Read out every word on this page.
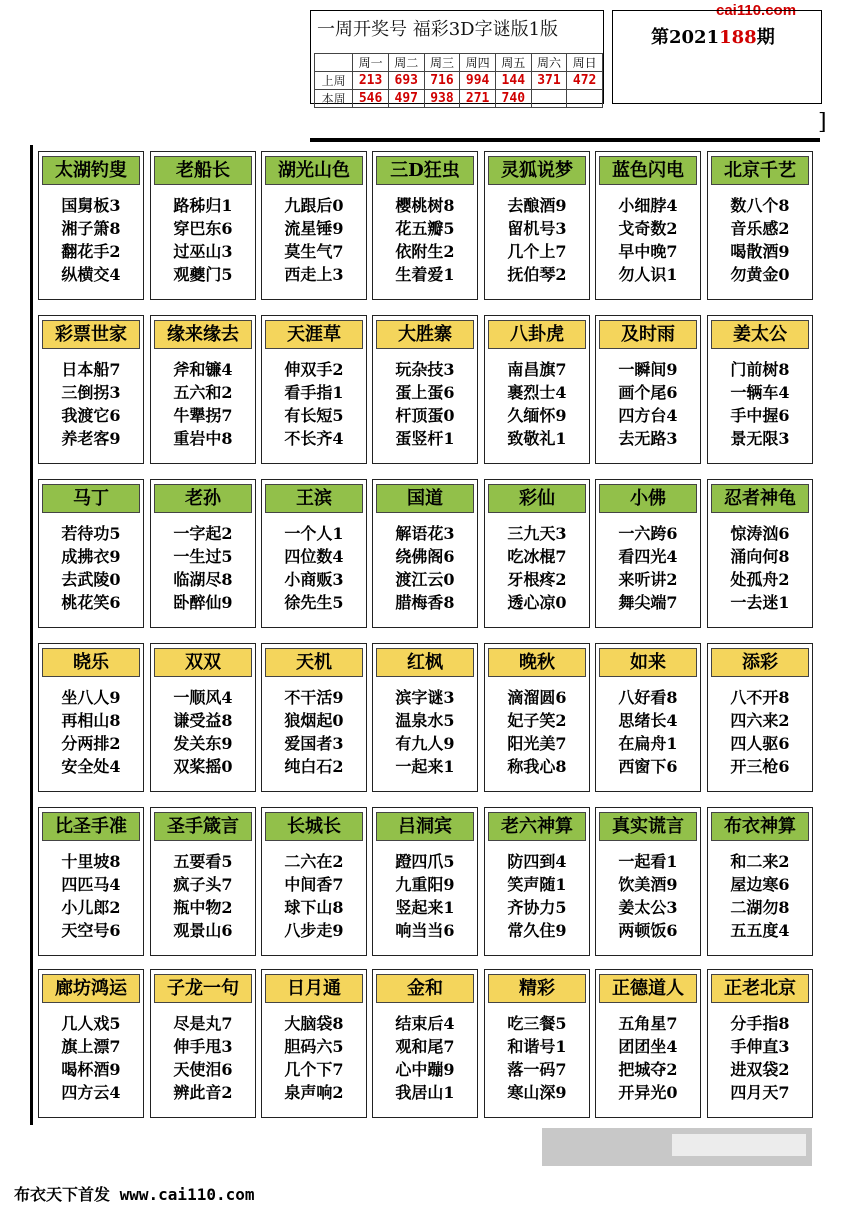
cai110.com
一周开奖号 福彩3D字谜版1版
	周一	周二	周三	周四	周五	周六	周日
上周	213	693	716	994	144	371	472
本周	546	497	938	271	740		
第2021188期
]
太湖钓叟
国舅板3
湘子箫8
翻花手2
纵横交4
老船长
路秭归1
穿巴东6
过巫山3
观夔门5
湖光山色
九跟后0
流星锤9
莫生气7
西走上3
三D狂虫
樱桃树8
花五瓣5
依附生2
生着爱1
灵狐说梦
去酿酒9
留机号3
几个上7
抚伯琴2
蓝色闪电
小细脖4
戈奇数2
早中晚7
勿人识1
北京千艺
数八个8
音乐感2
喝散酒9
勿黄金0
彩票世家
日本船7
三倒拐3
我渡它6
养老客9
缘来缘去
斧和镰4
五六和2
牛犟拐7
重岩中8
天涯草
伸双手2
看手指1
有长短5
不长齐4
大胜寨
玩杂技3
蛋上蛋6
杆顶蛋0
蛋竖杆1
八卦虎
南昌旗7
裹烈士4
久缅怀9
致敬礼1
及时雨
一瞬间9
画个尾6
四方台4
去无路3
姜太公
门前树8
一辆车4
手中握6
景无限3
马丁
若待功5
成拂衣9
去武陵0
桃花笑6
老孙
一字起2
一生过5
临湖尽8
卧醉仙9
王滨
一个人1
四位数4
小商贩3
徐先生5
国道
解语花3
绕佛阁6
渡江云0
腊梅香8
彩仙
三九天3
吃冰棍7
牙根疼2
透心凉0
小佛
一六跨6
看四光4
来听讲2
舞尖端7
忍者神龟
惊涛汹6
涌向何8
处孤舟2
一去迷1
晓乐
坐八人9
再相山8
分两排2
安全处4
双双
一顺风4
谦受益8
发关东9
双桨摇0
天机
不干活9
狼烟起0
爱国者3
纯白石2
红枫
滨字谜3
温泉水5
有九人9
一起来1
晚秋
滴溜圆6
妃子笑2
阳光美7
称我心8
如来
八好看8
思绪长4
在扁舟1
西窗下6
添彩
八不开8
四六来2
四人驱6
开三枪6
比圣手准
十里坡8
四匹马4
小儿郎2
天空号6
圣手箴言
五要看5
疯子头7
瓶中物2
观景山6
长城长
二六在2
中间香7
球下山8
八步走9
吕洞宾
蹬四爪5
九重阳9
竖起来1
响当当6
老六神算
防四到4
笑声随1
齐协力5
常久住9
真实谎言
一起看1
饮美酒9
姜太公3
两顿饭6
布衣神算
和二来2
屋边寒6
二湖勿8
五五度4
廊坊鸿运
几人戏5
旗上漂7
喝杯酒9
四方云4
子龙一句
尽是丸7
伸手甩3
天使泪6
辨此音2
日月通
大脑袋8
胆码六5
几个下7
泉声响2
金和
结束后4
观和尾7
心中蹦9
我居山1
精彩
吃三餐5
和谐号1
落一码7
寒山深9
正德道人
五角星7
团团坐4
把城夺2
开异光0
正老北京
分手指8
手伸直3
进双袋2
四月天7
布衣天下首发 www.cai110.com
